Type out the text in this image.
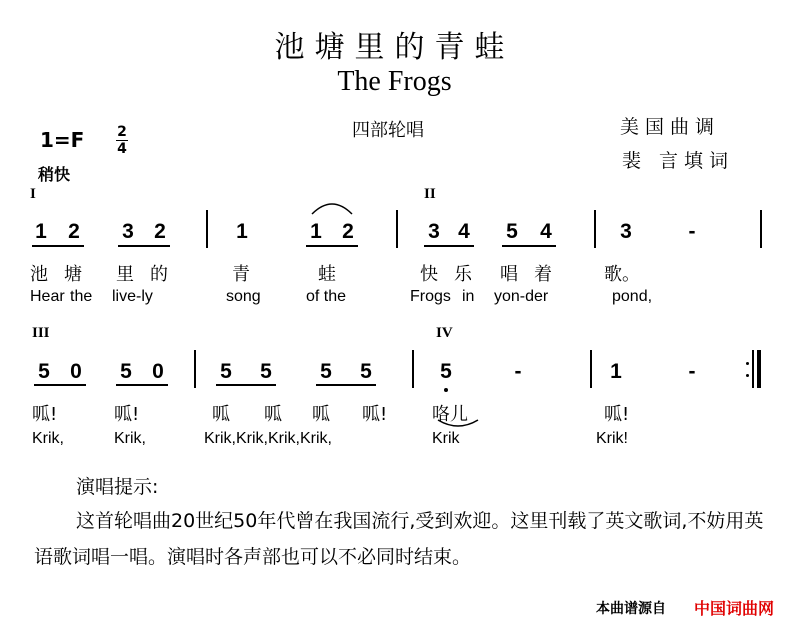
池塘里的青蛙
The Frogs
四部轮唱	美国曲调
裴 言填词
1=F 2
4
稍快
I	II
III	IV
1 2 3 2	1	1 2	3 4 5 4	3	-
池 塘 里 的	青	蛙	快 乐 唱 着	歌。
Hear the live-ly	song	of the	Frogs in yon-der	pond,
5 0 5 0	5 5 5 5	5	-	1	-
呱!	呱!	呱 呱 呱 呱! 咯儿	呱!
Krik,	Krik,	Krik,Krik,Krik,Krik,	Krik	Krik!
演唱提示:
这首轮唱曲20世纪50年代曾在我国流行,受到欢迎。这里刊载了英文歌词,不妨用英语歌词唱一唱。演唱时各声部也可以不必同时结束。
本曲谱源自 中国词曲网
